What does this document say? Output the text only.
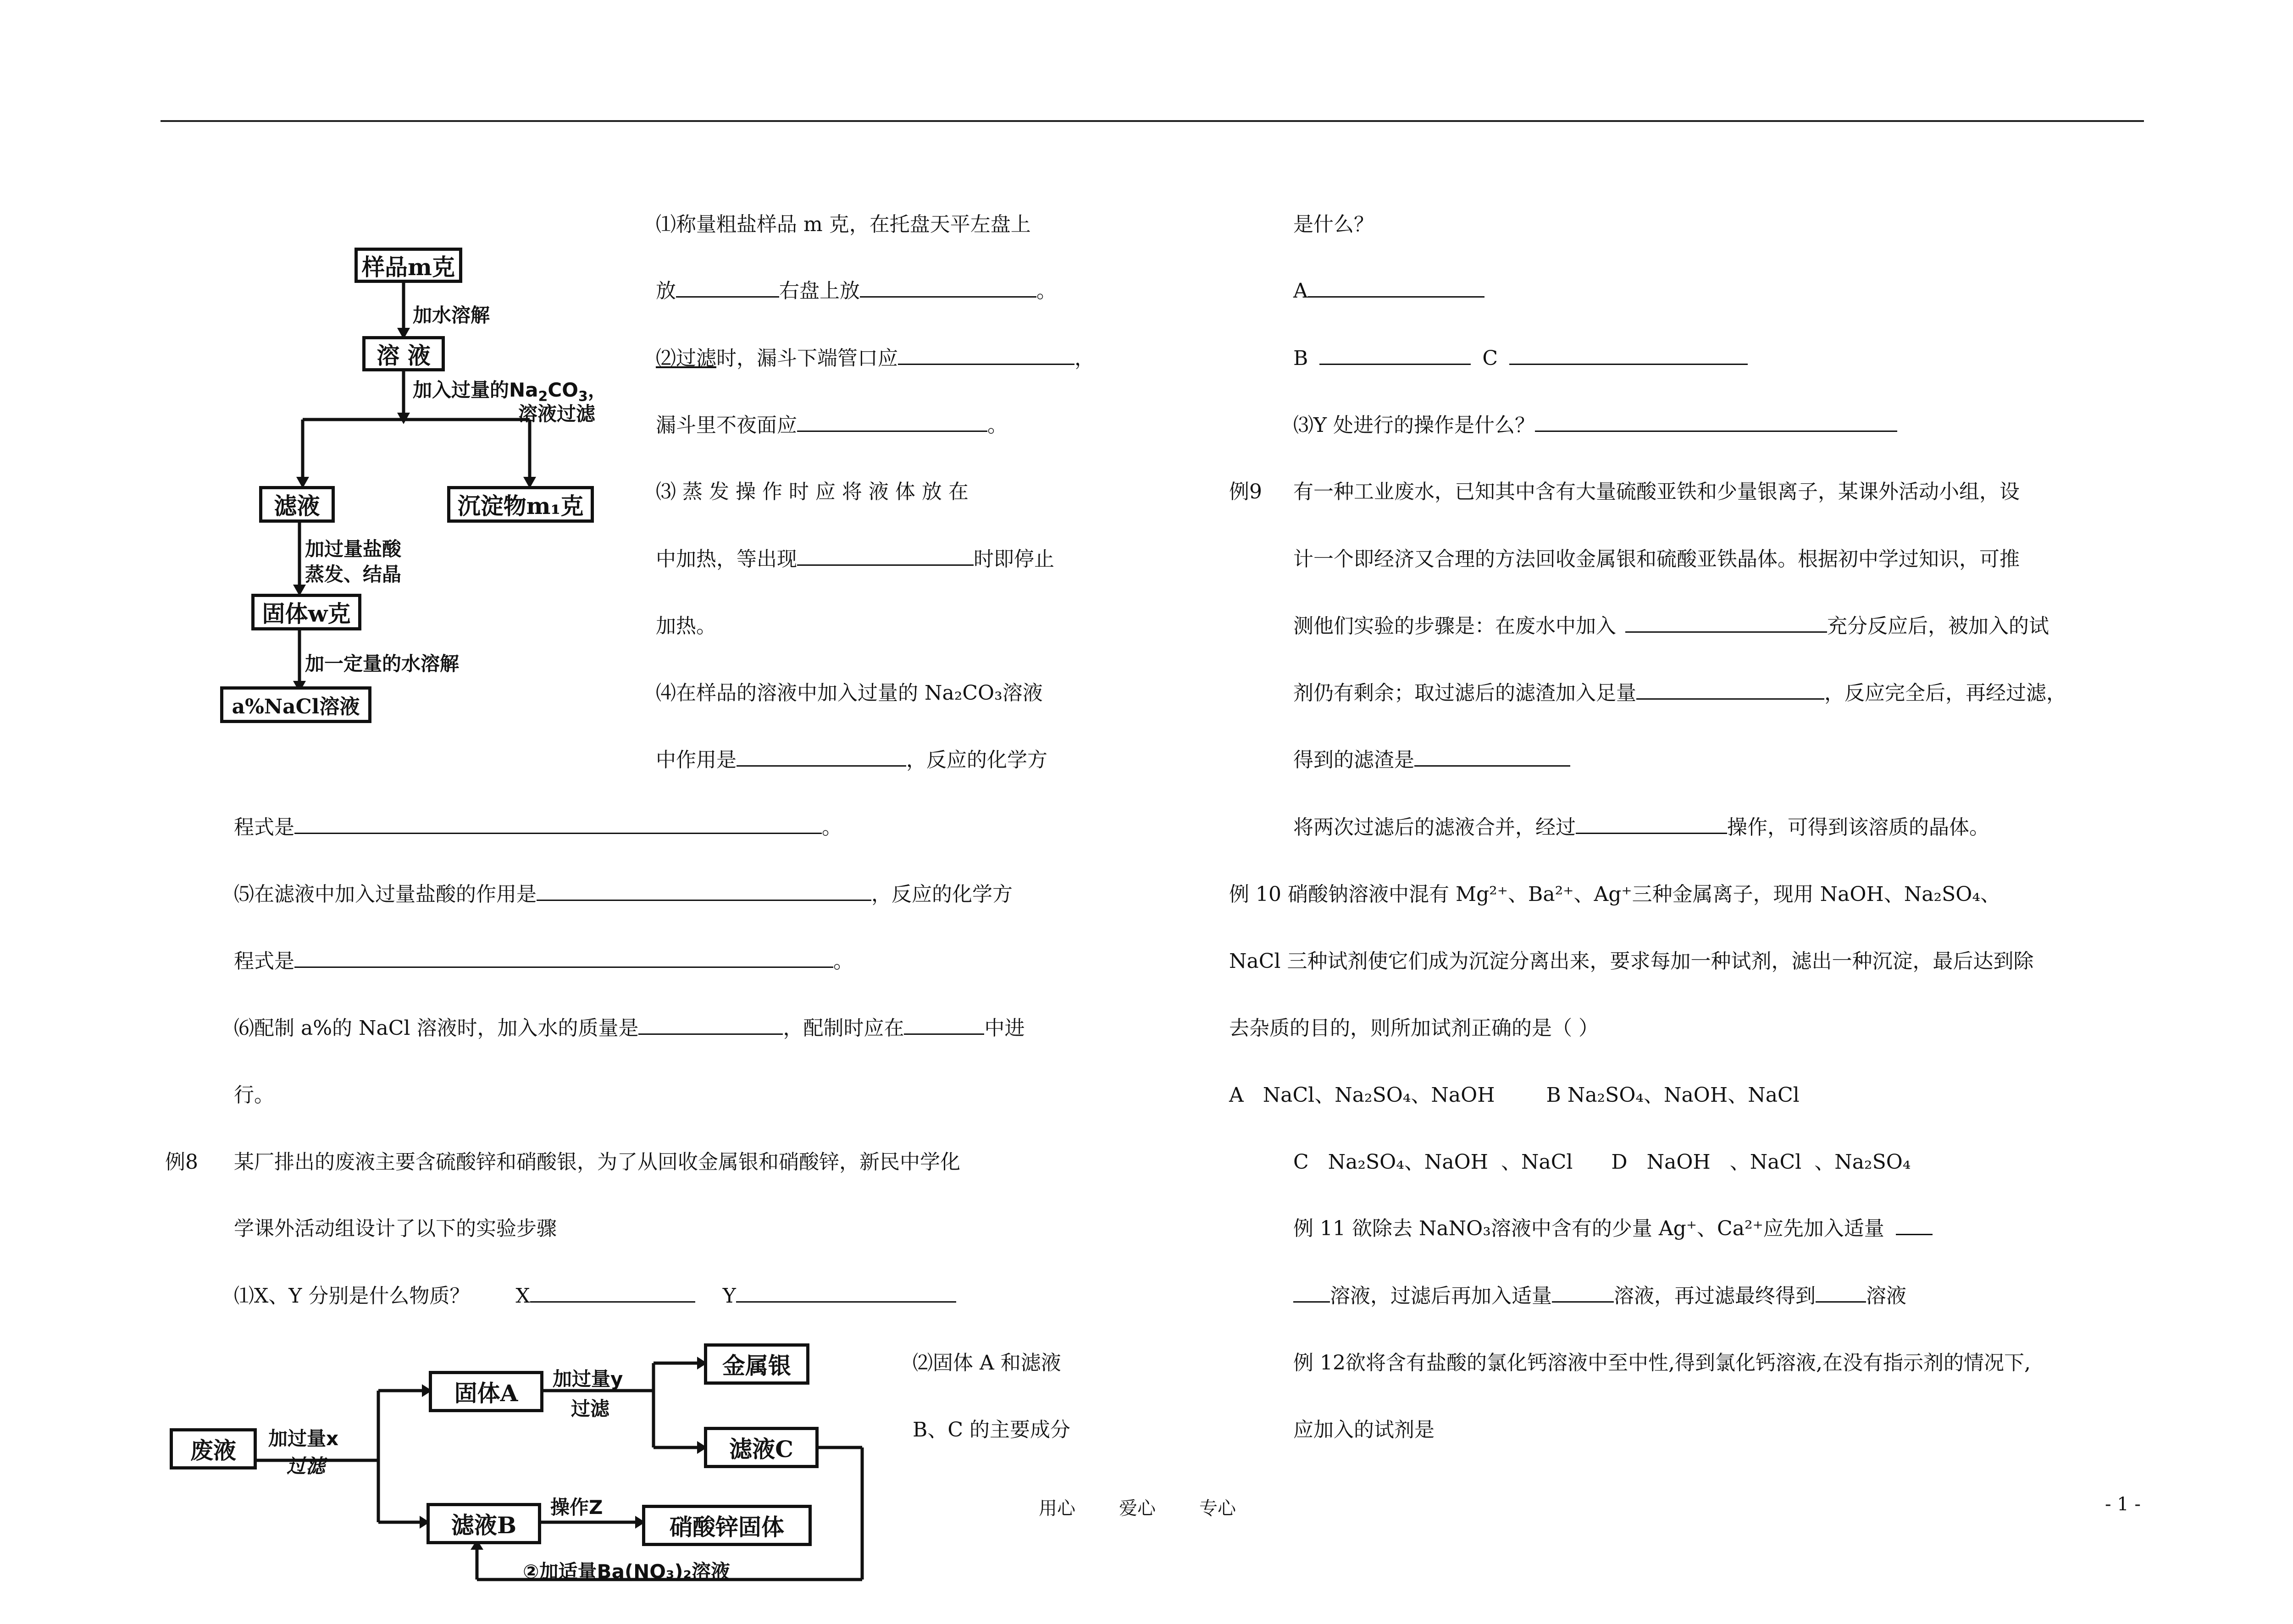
样品m克
加水溶解
溶 液
加入过量的$Na_2CO_3$，
溶液过滤
滤液	沉淀物m₁克
加过量盐酸
蒸发、结晶
固体w克
加一定量的水溶解
a%NaCl溶液
⑴称量粗盐样品 m 克，在托盘天平左盘上
放	右盘上放	。
⑵过滤时，漏斗下端管口应	，
漏斗里不夜面应	。
⑶ 蒸 发 操 作 时 应 将 液 体 放 在
中加热，等出现	时即停止
加热。
⑷在样品的溶液中加入过量的 Na₂CO₃溶液
中作用是	，反应的化学方
程式是	。
⑸在滤液中加入过量盐酸的作用是	，反应的化学方
程式是	。
⑹配制 a%的 NaCl 溶液时，加入水的质量是	，配制时应在	中进
行。
例8 某厂排出的废液主要含硫酸锌和硝酸银，为了从回收金属银和硝酸锌，新民中学化
学课外活动组设计了以下的实验步骤
⑴X、Y 分别是什么物质？ X	Y
⑵固体 A 和滤液
B、C 的主要成分
废液	加过量x
过滤
固体A
加过量y
过滤
金属银
滤液C
滤液B
操作Z
硝酸锌固体
②加适量Ba(NO₃)₂溶液
是什么？
A
B	C
⑶Y 处进行的操作是什么？
例9 有一种工业废水，已知其中含有大量硫酸亚铁和少量银离子，某课外活动小组，设
计一个即经济又合理的方法回收金属银和硫酸亚铁晶体。根据初中学过知识，可推
测他们实验的步骤是：在废水中加入	充分反应后，被加入的试
剂仍有剩余；取过滤后的滤渣加入足量	，反应完全后，再经过滤，
得到的滤渣是
将两次过滤后的滤液合并，经过	操作，可得到该溶质的晶体。
例 10 硝酸钠溶液中混有 Mg²⁺、Ba²⁺、Ag⁺三种金属离子，现用 NaOH、Na₂SO₄、
NaCl 三种试剂使它们成为沉淀分离出来，要求每加一种试剂，滤出一种沉淀，最后达到除
去杂质的目的，则所加试剂正确的是（ ）
A   NaCl、Na₂SO₄、NaOH        B Na₂SO₄、NaOH、NaCl
C   Na₂SO₄、NaOH  、NaCl      D   NaOH   、NaCl  、Na₂SO₄
例 11 欲除去 NaNO₃溶液中含有的少量 Ag⁺、Ca²⁺应先加入适量
溶液，过滤后再加入适量	溶液，再过滤最终得到	溶液
例 12欲将含有盐酸的氯化钙溶液中至中性,得到氯化钙溶液,在没有指示剂的情况下,
应加入的试剂是
用心 爱心 专心	- 1 -
